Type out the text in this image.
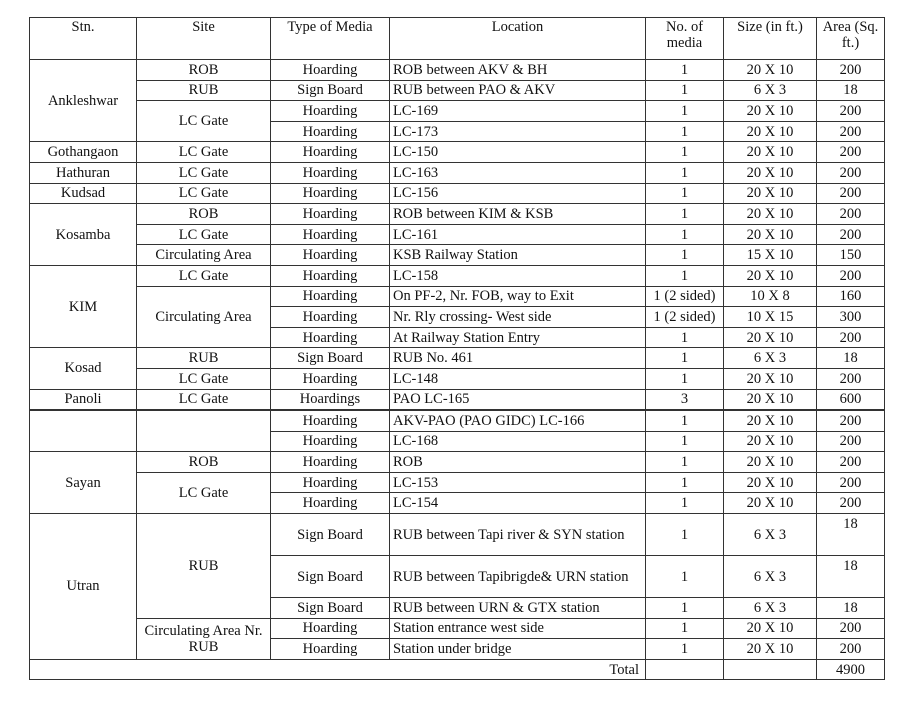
Stn.	Site	Type of Media	Location	No. of media	Size (in ft.)	Area (Sq. ft.)
Ankleshwar	ROB	Hoarding	ROB between AKV & BH	1	20 X 10	200
	RUB	Sign Board	RUB between PAO & AKV	1	6 X 3	18
	LC Gate	Hoarding	LC-169	1	20 X 10	200
		Hoarding	LC-173	1	20 X 10	200
Gothangaon	LC Gate	Hoarding	LC-150	1	20 X 10	200
Hathuran	LC Gate	Hoarding	LC-163	1	20 X 10	200
Kudsad	LC Gate	Hoarding	LC-156	1	20 X 10	200
Kosamba	ROB	Hoarding	ROB between KIM & KSB	1	20 X 10	200
	LC Gate	Hoarding	LC-161	1	20 X 10	200
	Circulating Area	Hoarding	KSB Railway Station	1	15 X 10	150
KIM	LC Gate	Hoarding	LC-158	1	20 X 10	200
	Circulating Area	Hoarding	On PF-2, Nr. FOB, way to Exit	1 (2 sided)	10 X 8	160
		Hoarding	Nr. Rly crossing- West side	1 (2 sided)	10 X 15	300
		Hoarding	At Railway Station Entry	1	20 X 10	200
Kosad	RUB	Sign Board	RUB No. 461	1	6 X 3	18
	LC Gate	Hoarding	LC-148	1	20 X 10	200
Panoli	LC Gate	Hoardings	PAO LC-165	3	20 X 10	600
		Hoarding	AKV-PAO (PAO GIDC) LC-166	1	20 X 10	200
		Hoarding	LC-168	1	20 X 10	200
Sayan	ROB	Hoarding	ROB	1	20 X 10	200
	LC Gate	Hoarding	LC-153	1	20 X 10	200
		Hoarding	LC-154	1	20 X 10	200
Utran	RUB	Sign Board	RUB between Tapi river & SYN station	1	6 X 3	18
		Sign Board	RUB between Tapibrigde& URN station	1	6 X 3	18
		Sign Board	RUB between URN & GTX station	1	6 X 3	18
	Circulating Area Nr. RUB	Hoarding	Station entrance west side	1	20 X 10	200
		Hoarding	Station under bridge	1	20 X 10	200
Total						4900
